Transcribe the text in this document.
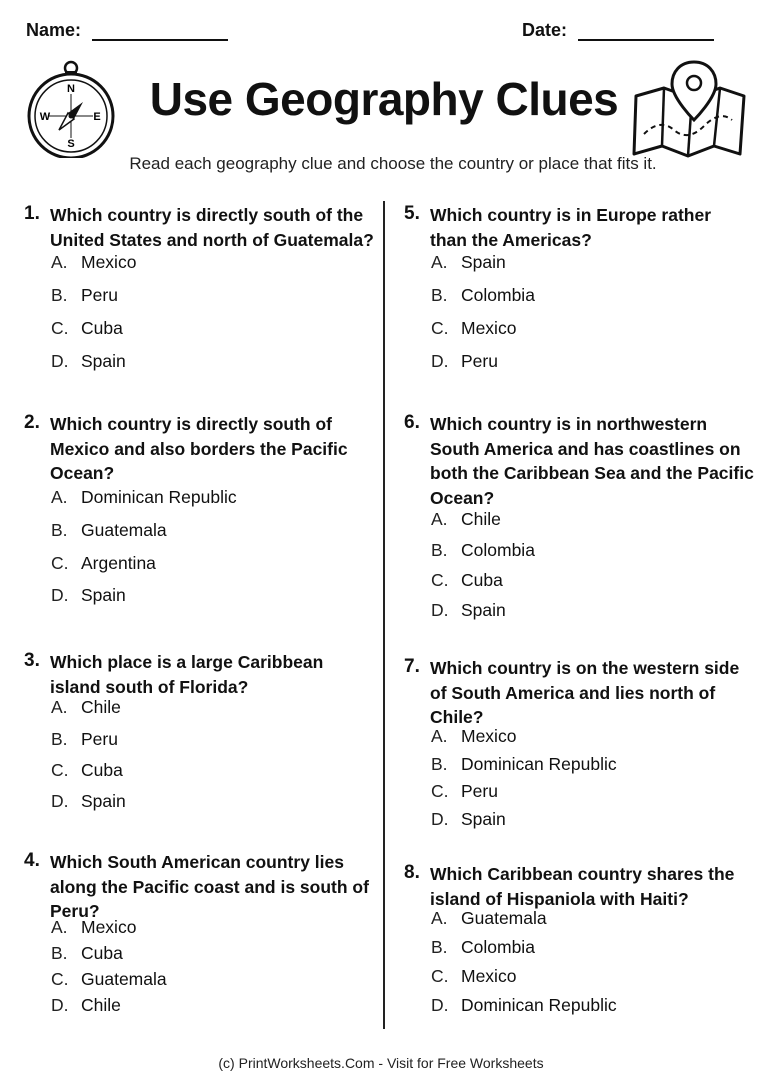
Name:	Date:
N
S
E
W	Use Geography Clues
Read each geography clue and choose the country or place that fits it.
1. Which country is directly south of the
United States and north of Guatemala?
A. Mexico
B. Peru
C. Cuba
D. Spain
2. Which country is directly south of
Mexico and also borders the Pacific
Ocean?
A. Dominican Republic
B. Guatemala
C. Argentina
D. Spain
3. Which place is a large Caribbean
island south of Florida?
A. Chile
B. Peru
C. Cuba
D. Spain
4. Which South American country lies
along the Pacific coast and is south of
Peru?
A. Mexico
B. Cuba
C. Guatemala
D. Chile
5. Which country is in Europe rather
than the Americas?
A. Spain
B. Colombia
C. Mexico
D. Peru
6. Which country is in northwestern
South America and has coastlines on
both the Caribbean Sea and the Pacific
Ocean?
A. Chile
B. Colombia
C. Cuba
D. Spain
7. Which country is on the western side
of South America and lies north of
Chile?
A. Mexico
B. Dominican Republic
C. Peru
D. Spain
8. Which Caribbean country shares the
island of Hispaniola with Haiti?
A. Guatemala
B. Colombia
C. Mexico
D. Dominican Republic
(c) PrintWorksheets.Com - Visit for Free Worksheets
